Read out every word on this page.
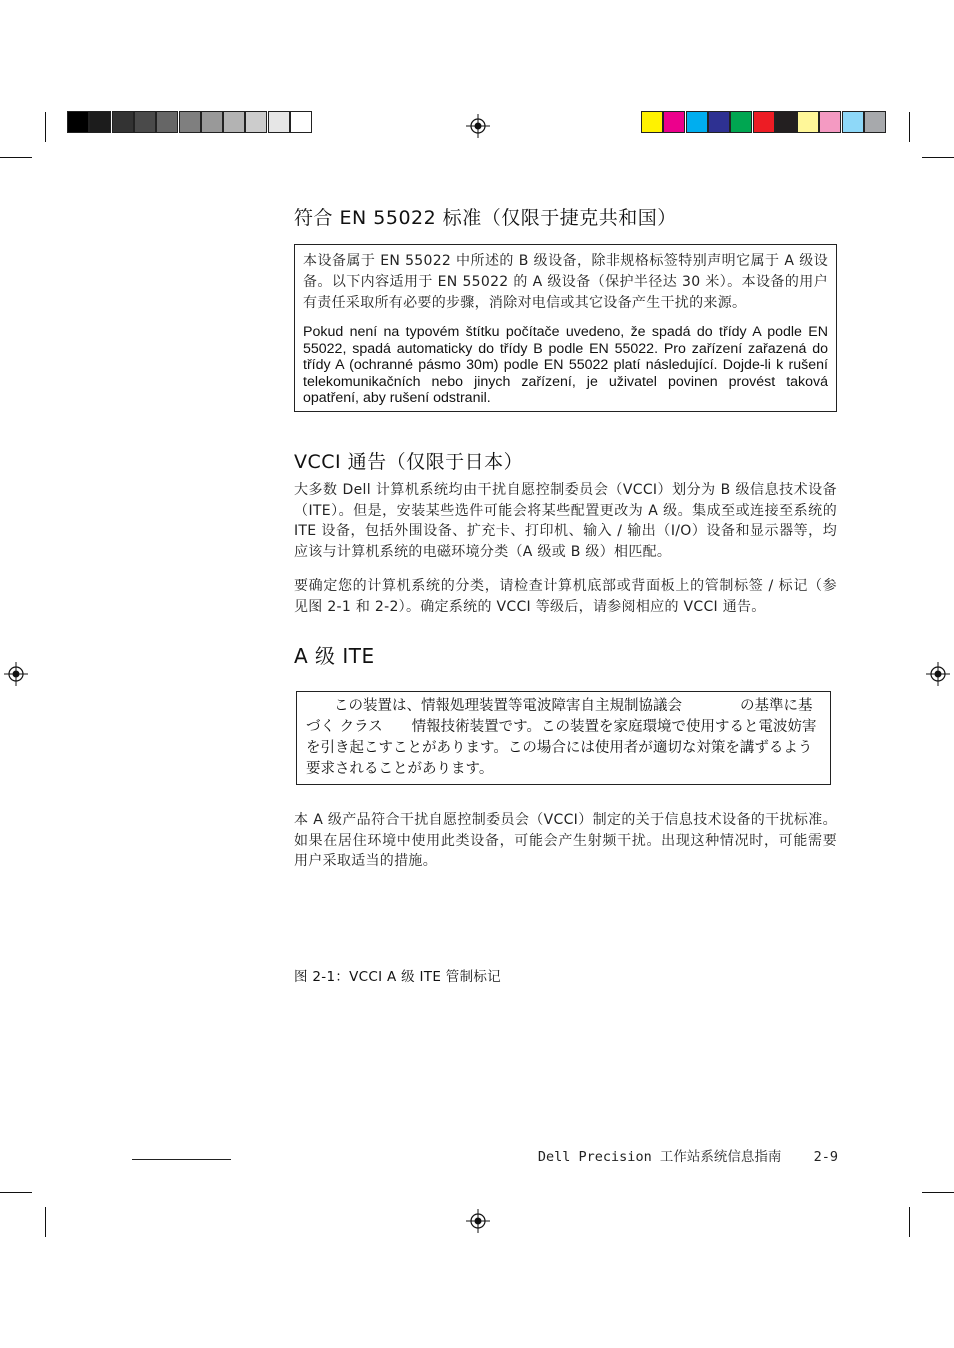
符合 EN 55022 标准（仅限于捷克共和国）
本设备属于 EN 55022 中所述的 B 级设备，除非规格标签特别声明它属于 A 级设备。以下内容适用于 EN 55022 的 A 级设备（保护半径达 30 米）。本设备的用户有责任采取所有必要的步骤，消除对电信或其它设备产生干扰的来源。
Pokud není na typovém štítku počítače uvedeno, že spadá do třídy A podle EN 55022, spadá automaticky do třídy B podle EN 55022. Pro zařízení zařazená do třídy A (ochranné pásmo 30m) podle EN 55022 platí následující. Dojde-li k rušení telekomunikačních nebo jinych zařízení, je uživatel povinen provést taková opatření, aby rušení odstranil.
VCCI 通告（仅限于日本）
大多数 Dell 计算机系统均由干扰自愿控制委员会（VCCI）划分为 B 级信息技术设备（ITE）。但是，安装某些选件可能会将某些配置更改为 A 级。集成至或连接至系统的 ITE 设备，包括外围设备、扩充卡、打印机、输入 / 输出（I/O）设备和显示器等，均应该与计算机系统的电磁环境分类（A 级或 B 级）相匹配。
要确定您的计算机系统的分类，请检查计算机底部或背面板上的管制标签 / 标记（参见图 2-1 和 2-2）。确定系统的 VCCI 等级后，请参阅相应的 VCCI 通告。
A 级 ITE
この装置は、情報処理装置等電波障害自主規制協議会　　　　の基準に基づく クラス　　情報技術装置です。この装置を家庭環境で使用すると電波妨害を引き起こすことがあります。この場合には使用者が適切な対策を講ずるよう要求されることがあります。
本 A 级产品符合干扰自愿控制委员会（VCCI）制定的关于信息技术设备的干扰标准。如果在居住环境中使用此类设备，可能会产生射频干扰。出现这种情况时，可能需要用户采取适当的措施。
图 2-1：VCCI A 级 ITE 管制标记
Dell Precision 工作站系统信息指南 2-9
